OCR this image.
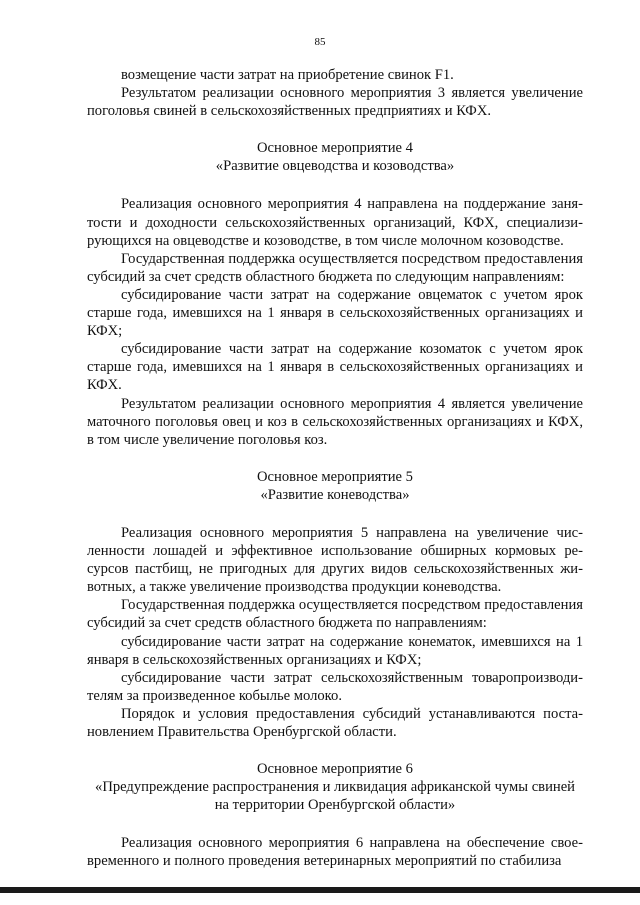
85

возмещение части затрат на приобретение свинок F1.

Результатом реализации основного мероприятия 3 является увеличение поголовья свиней в сельскохозяйственных предприятиях и КФХ.

Основное мероприятие 4
«Развитие овцеводства и козоводства»

Реализация основного мероприятия 4 направлена на поддержание занятости и доходности сельскохозяйственных организаций, КФХ, специализирующихся на овцеводстве и козоводстве, в том числе молочном козоводстве.

Государственная поддержка осуществляется посредством предоставления субсидий за счет средств областного бюджета по следующим направлениям:

субсидирование части затрат на содержание овцематок с учетом ярок старше года, имевшихся на 1 января в сельскохозяйственных организациях и КФХ;

субсидирование части затрат на содержание козоматок с учетом ярок старше года, имевшихся на 1 января в сельскохозяйственных организациях и КФХ.

Результатом реализации основного мероприятия 4 является увеличение маточного поголовья овец и коз в сельскохозяйственных организациях и КФХ, в том числе увеличение поголовья коз.

Основное мероприятие 5
«Развитие коневодства»

Реализация основного мероприятия 5 направлена на увеличение численности лошадей и эффективное использование обширных кормовых ресурсов пастбищ, не пригодных для других видов сельскохозяйственных животных, а также увеличение производства продукции коневодства.

Государственная поддержка осуществляется посредством предоставления субсидий за счет средств областного бюджета по направлениям:

субсидирование части затрат на содержание конематок, имевшихся на 1 января в сельскохозяйственных организациях и КФХ;

субсидирование части затрат сельскохозяйственным товаропроизводителям за произведенное кобылье молоко.

Порядок и условия предоставления субсидий устанавливаются постановлением Правительства Оренбургской области.

Основное мероприятие 6
«Предупреждение распространения и ликвидация африканской чумы свиней
на территории Оренбургской области»

Реализация основного мероприятия 6 направлена на обеспечение своевременного и полного проведения ветеринарных мероприятий по стабилиза
